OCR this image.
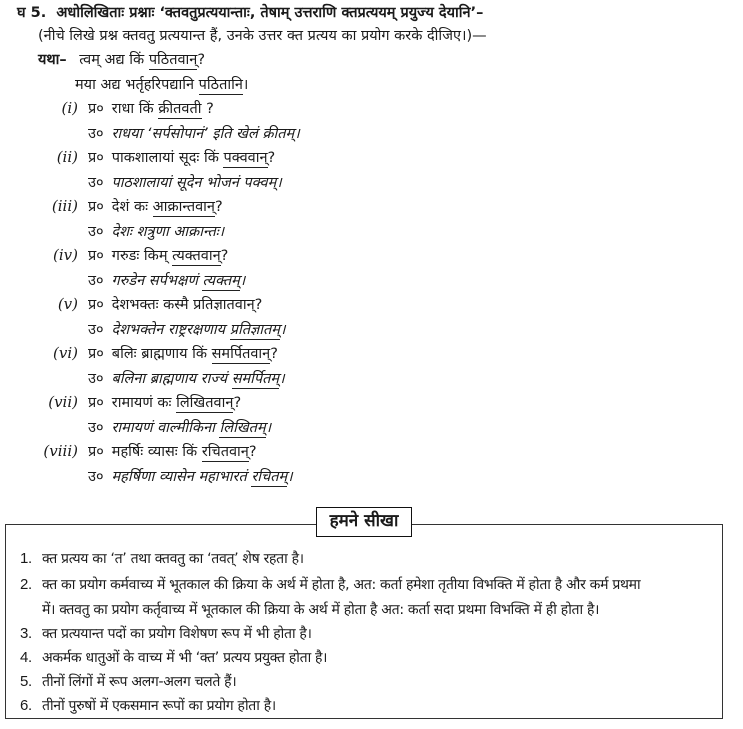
घ 5. अधोलिखिताः प्रश्नाः ‘क्तवतुप्रत्ययान्ताः, तेषाम् उत्तराणि क्तप्रत्ययम् प्रयुज्य देयानि’–
(नीचे लिखे प्रश्न क्तवतु प्रत्ययान्त हैं, उनके उत्तर क्त प्रत्यय का प्रयोग करके दीजिए।)—
यथा– त्वम् अद्य किं पठितवान्?
मया अद्य भर्तृहरिपद्यानि पठितानि।
(i) प्र० राधा किं क्रीतवती ?
उ० राधया ‘सर्पसोपानं’ इति खेलं क्रीतम्।
(ii) प्र० पाकशालायां सूदः किं पक्ववान्?
उ० पाठशालायां सूदेन भोजनं पक्वम्।
(iii) प्र० देशं कः आक्रान्तवान्?
उ० देशः शत्रुणा आक्रान्तः।
(iv) प्र० गरुडः किम् त्यक्तवान्?
उ० गरुडेन सर्पभक्षणं त्यक्तम्।
(v) प्र० देशभक्तः कस्मै प्रतिज्ञातवान्?
उ० देशभक्तेन राष्ट्ररक्षणाय प्रतिज्ञातम्।
(vi) प्र० बलिः ब्राह्मणाय किं समर्पितवान्?
उ० बलिना ब्राह्मणाय राज्यं समर्पितम्।
(vii) प्र० रामायणं कः लिखितवान्?
उ० रामायणं वाल्मीकिना लिखितम्।
(viii) प्र० महर्षिः व्यासः किं रचितवान्?
उ० महर्षिणा व्यासेन महाभारतं रचितम्।
हमने सीखा
1. क्त प्रत्यय का ‘त’ तथा क्तवतु का ‘तवत्’ शेष रहता है।
2. क्त का प्रयोग कर्मवाच्य में भूतकाल की क्रिया के अर्थ में होता है, अत: कर्ता हमेशा तृतीया विभक्ति में होता है और कर्म प्रथमा
में। क्तवतु का प्रयोग कर्तृवाच्य में भूतकाल की क्रिया के अर्थ में होता है अत: कर्ता सदा प्रथमा विभक्ति में ही होता है।
3. क्त प्रत्ययान्त पदों का प्रयोग विशेषण रूप में भी होता है।
4. अकर्मक धातुओं के वाच्य में भी ‘क्त’ प्रत्यय प्रयुक्त होता है।
5. तीनों लिंगों में रूप अलग-अलग चलते हैं।
6. तीनों पुरुषों में एकसमान रूपों का प्रयोग होता है।
